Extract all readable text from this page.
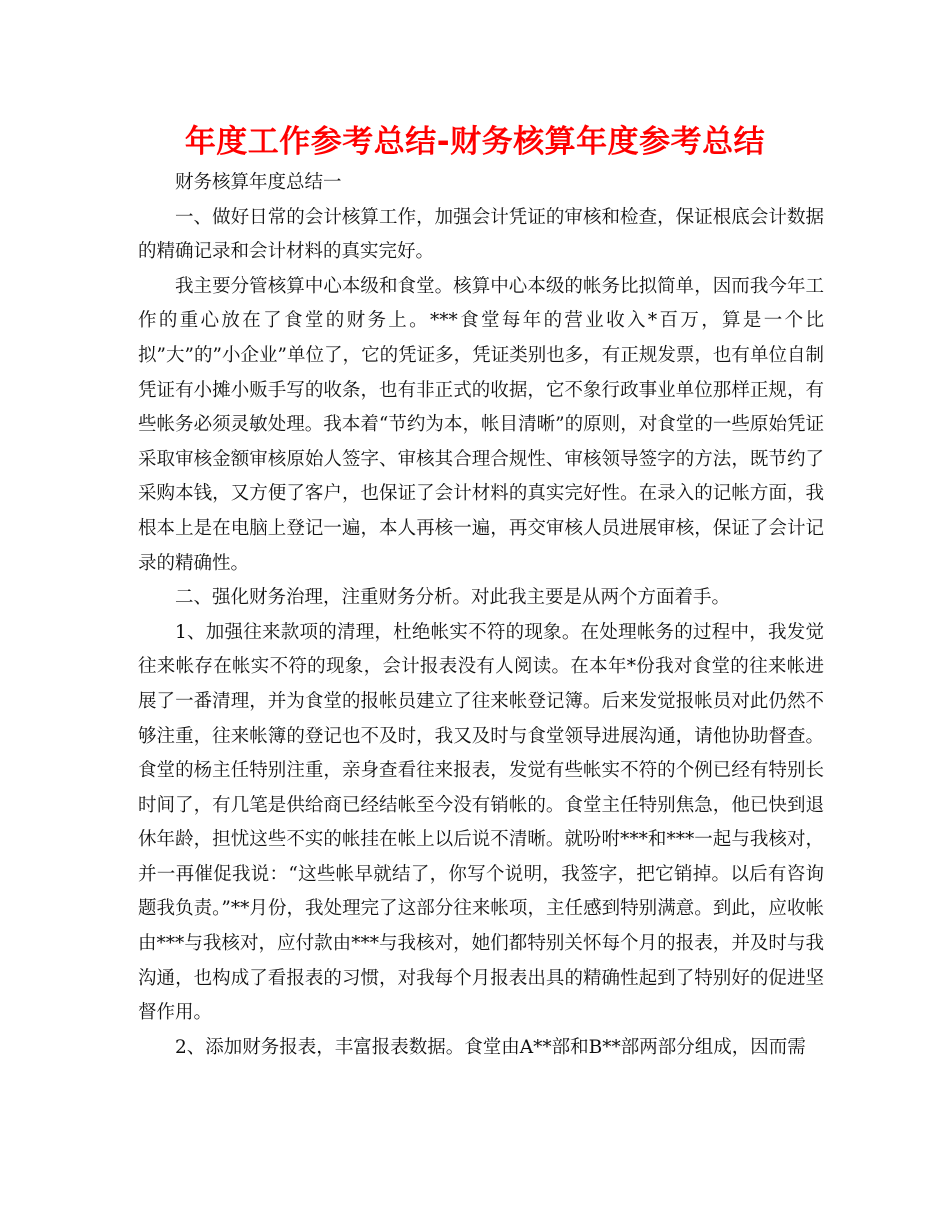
年度工作参考总结-财务核算年度参考总结

财务核算年度总结一

一、做好日常的会计核算工作，加强会计凭证的审核和检查，保证根底会计数据的精确记录和会计材料的真实完好。

我主要分管核算中心本级和食堂。核算中心本级的帐务比拟简单，因而我今年工作的重心放在了食堂的财务上。***食堂每年的营业收入*百万，算是一个比拟”大”的”小企业”单位了，它的凭证多，凭证类别也多，有正规发票，也有单位自制凭证有小摊小贩手写的收条，也有非正式的收据，它不象行政事业单位那样正规，有些帐务必须灵敏处理。我本着“节约为本，帐目清晰”的原则，对食堂的一些原始凭证采取审核金额审核原始人签字、审核其合理合规性、审核领导签字的方法，既节约了采购本钱，又方便了客户，也保证了会计材料的真实完好性。在录入的记帐方面，我根本上是在电脑上登记一遍，本人再核一遍，再交审核人员进展审核，保证了会计记录的精确性。

二、强化财务治理，注重财务分析。对此我主要是从两个方面着手。

1、加强往来款项的清理，杜绝帐实不符的现象。在处理帐务的过程中，我发觉往来帐存在帐实不符的现象，会计报表没有人阅读。在本年*份我对食堂的往来帐进展了一番清理，并为食堂的报帐员建立了往来帐登记簿。后来发觉报帐员对此仍然不够注重，往来帐簿的登记也不及时，我又及时与食堂领导进展沟通，请他协助督查。食堂的杨主任特别注重，亲身查看往来报表，发觉有些帐实不符的个例已经有特别长时间了，有几笔是供给商已经结帐至今没有销帐的。食堂主任特别焦急，他已快到退休年龄，担忧这些不实的帐挂在帐上以后说不清晰。就吩咐***和***一起与我核对，并一再催促我说：“这些帐早就结了，你写个说明，我签字，把它销掉。以后有咨询题我负责。”**月份，我处理完了这部分往来帐项，主任感到特别满意。到此，应收帐由***与我核对，应付款由***与我核对，她们都特别关怀每个月的报表，并及时与我沟通，也构成了看报表的习惯，对我每个月报表出具的精确性起到了特别好的促进坚督作用。

2、添加财务报表，丰富报表数据。食堂由A**部和B**部两部分组成，因而需
